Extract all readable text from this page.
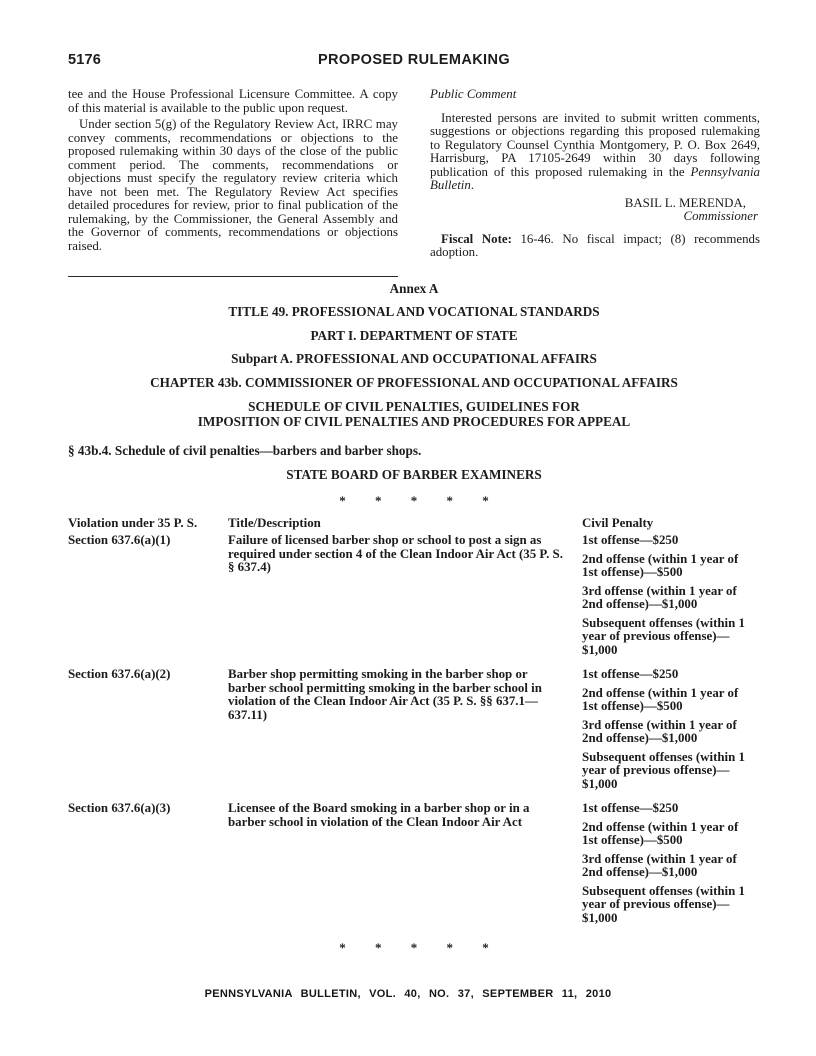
5176	PROPOSED RULEMAKING

tee and the House Professional Licensure Committee. A copy of this material is available to the public upon request.

Under section 5(g) of the Regulatory Review Act, IRRC may convey comments, recommendations or objections to the proposed rulemaking within 30 days of the close of the public comment period. The comments, recommendations or objections must specify the regulatory review criteria which have not been met. The Regulatory Review Act specifies detailed procedures for review, prior to final publication of the rulemaking, by the Commissioner, the General Assembly and the Governor of comments, recommendations or objections raised.

Public Comment

Interested persons are invited to submit written comments, suggestions or objections regarding this proposed rulemaking to Regulatory Counsel Cynthia Montgomery, P. O. Box 2649, Harrisburg, PA 17105-2649 within 30 days following publication of this proposed rulemaking in the Pennsylvania Bulletin.

BASIL L. MERENDA,

Commissioner

Fiscal Note: 16-46. No fiscal impact; (8) recommends adoption.

Annex A
TITLE 49. PROFESSIONAL AND VOCATIONAL STANDARDS
PART I. DEPARTMENT OF STATE
Subpart A. PROFESSIONAL AND OCCUPATIONAL AFFAIRS
CHAPTER 43b. COMMISSIONER OF PROFESSIONAL AND OCCUPATIONAL AFFAIRS
SCHEDULE OF CIVIL PENALTIES, GUIDELINES FOR
IMPOSITION OF CIVIL PENALTIES AND PROCEDURES FOR APPEAL

§ 43b.4. Schedule of civil penalties—barbers and barber shops.

STATE BOARD OF BARBER EXAMINERS
* * * * *
Violation under 35 P. S.	Title/Description	Civil Penalty
Section 637.6(a)(1)	Failure of licensed barber shop or school to post a sign as required under section 4 of the Clean Indoor Air Act (35 P. S. § 637.4)

1st offense—$250

2nd offense (within 1 year of 1st offense)—$500

3rd offense (within 1 year of 2nd offense)—$1,000

Subsequent offenses (within 1 year of previous offense)—$1,000

Section 637.6(a)(2)	Barber shop permitting smoking in the barber shop or barber school permitting smoking in the barber school in violation of the Clean Indoor Air Act (35 P. S. §§ 637.1—637.11)

1st offense—$250

2nd offense (within 1 year of 1st offense)—$500

3rd offense (within 1 year of 2nd offense)—$1,000

Subsequent offenses (within 1 year of previous offense)—$1,000

Section 637.6(a)(3)	Licensee of the Board smoking in a barber shop or in a barber school in violation of the Clean Indoor Air Act

1st offense—$250

2nd offense (within 1 year of 1st offense)—$500

3rd offense (within 1 year of 2nd offense)—$1,000

Subsequent offenses (within 1 year of previous offense)—$1,000

* * * * *
PENNSYLVANIA BULLETIN, VOL. 40, NO. 37, SEPTEMBER 11, 2010
